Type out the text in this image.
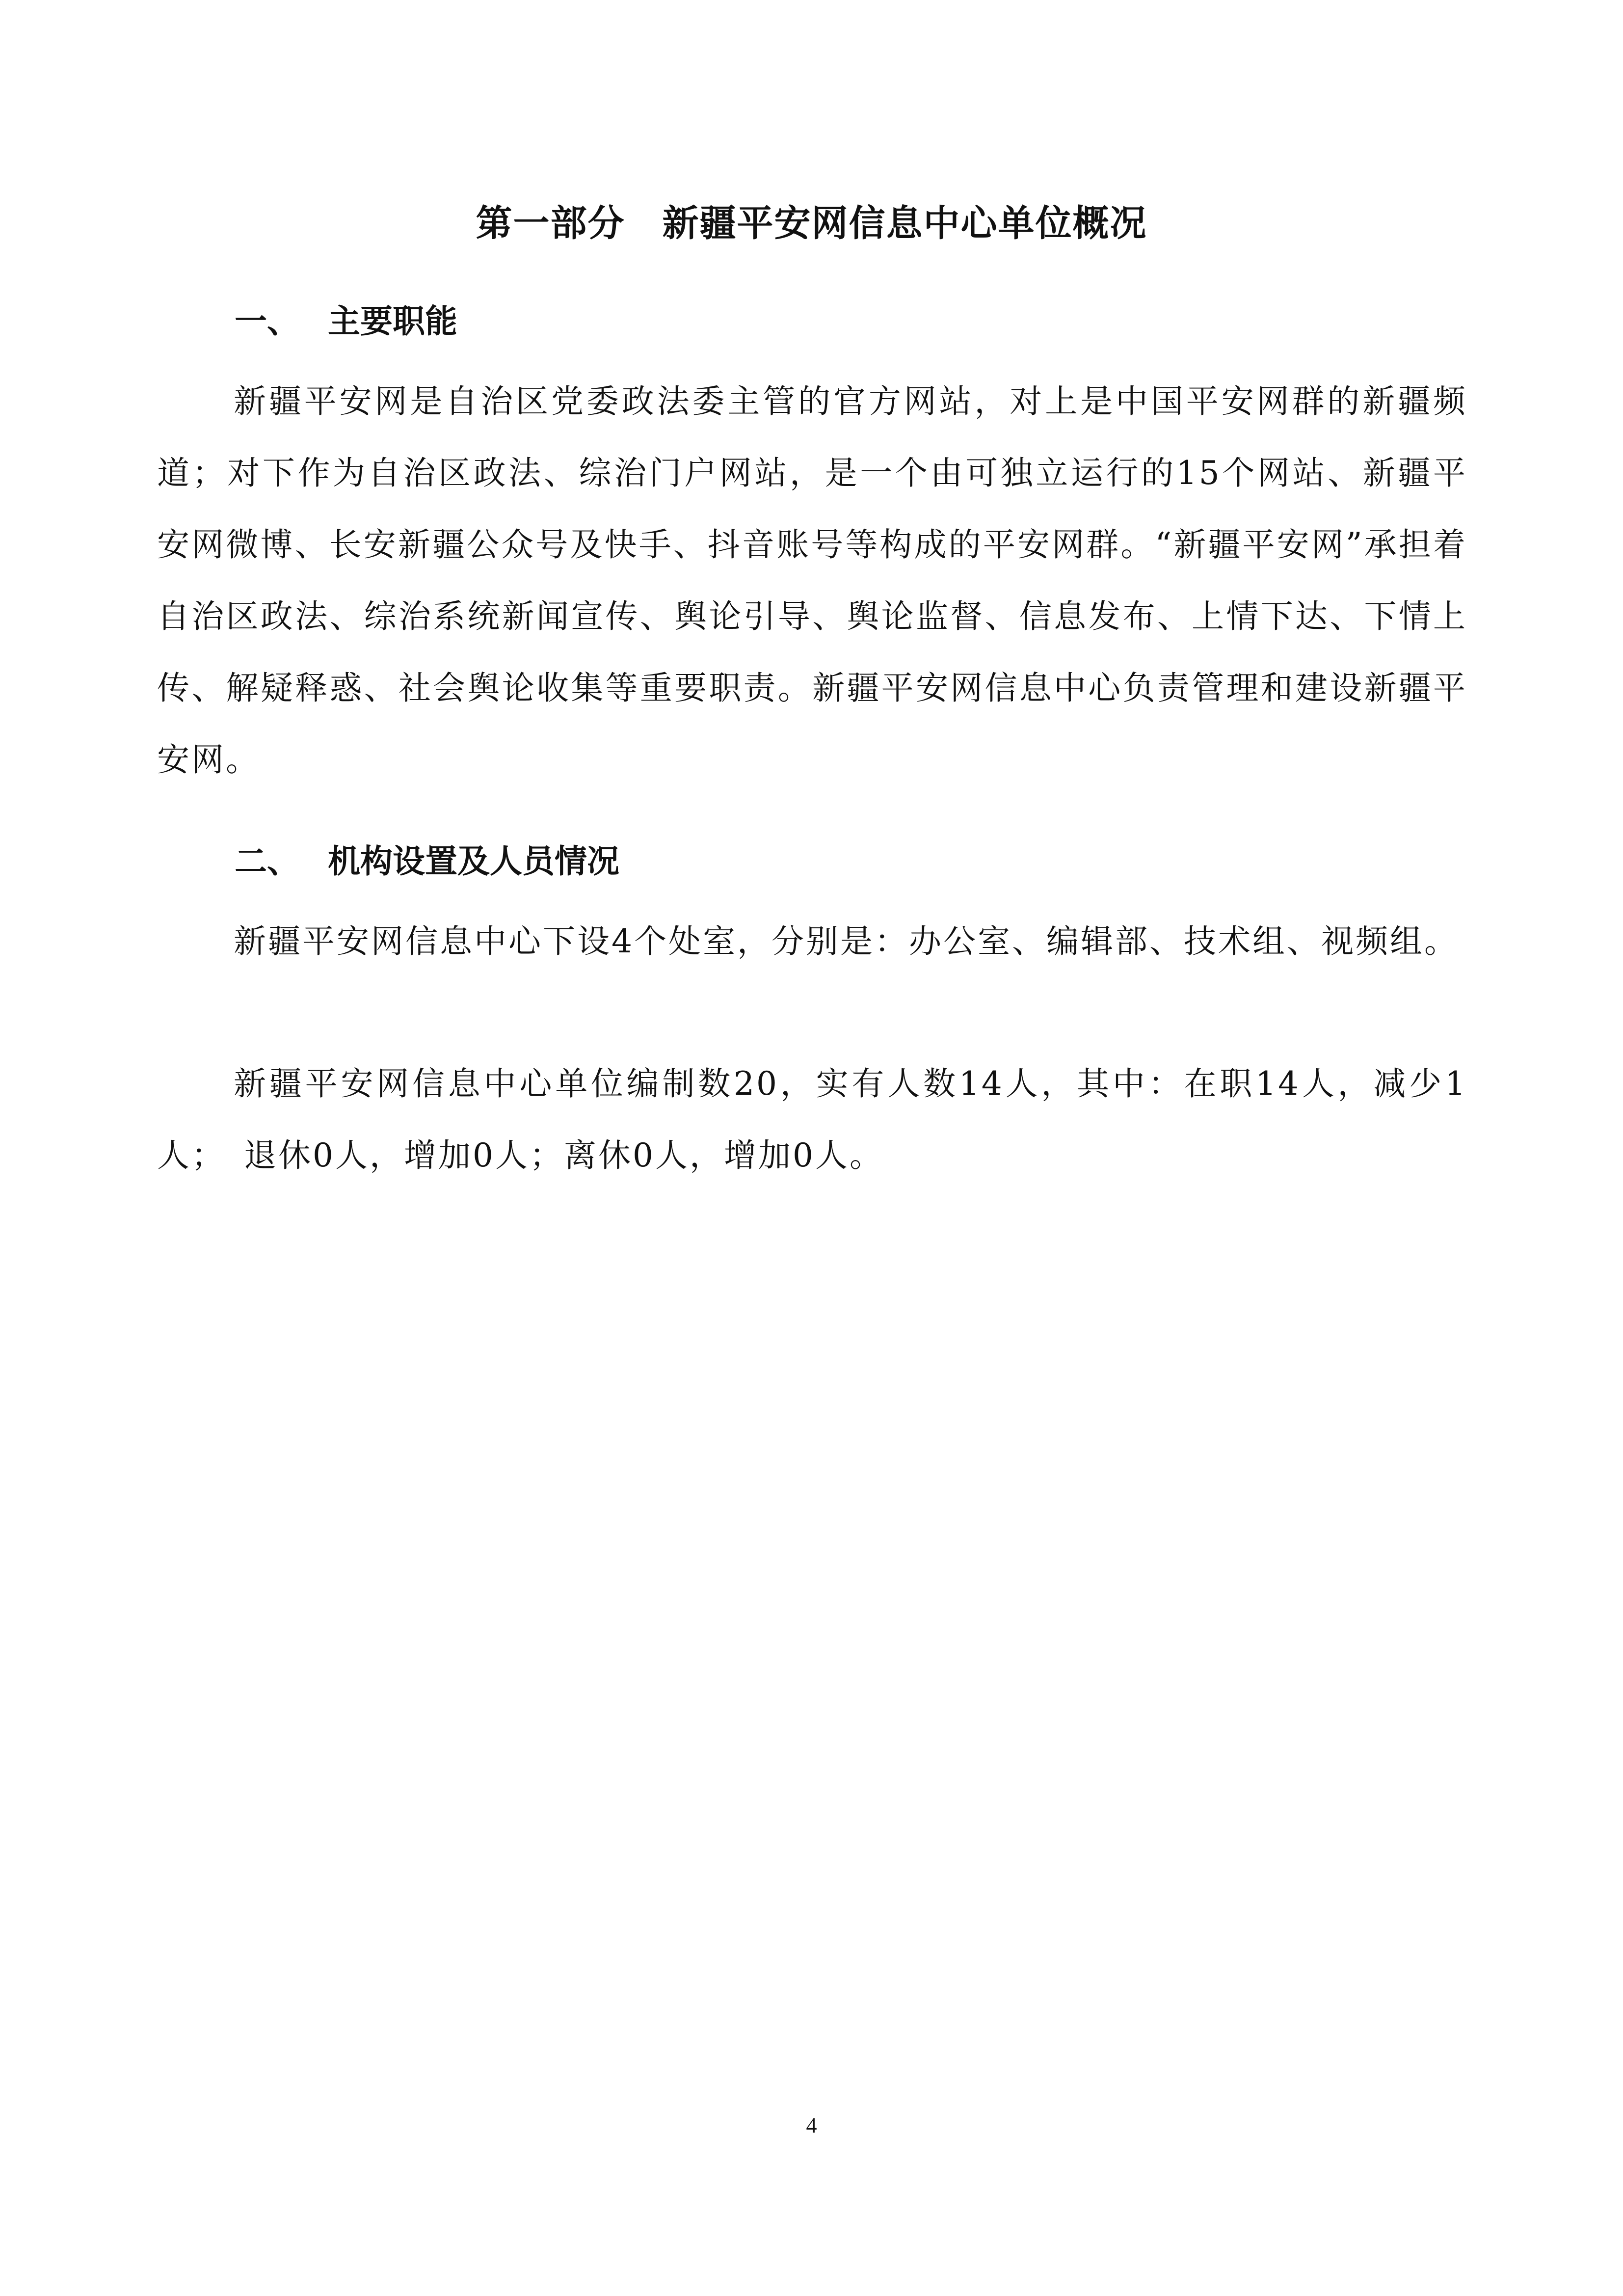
第一部分　新疆平安网信息中心单位概况
一、 主要职能
新疆平安网是自治区党委政法委主管的官方网站，对上是中国平安网群的新疆频道；对下作为自治区政法、综治门户网站，是一个由可独立运行的15个网站、新疆平安网微博、长安新疆公众号及快手、抖音账号等构成的平安网群。“新疆平安网”承担着自治区政法、综治系统新闻宣传、舆论引导、舆论监督、信息发布、上情下达、下情上传、解疑释惑、社会舆论收集等重要职责。新疆平安网信息中心负责管理和建设新疆平安网。
二、 机构设置及人员情况
新疆平安网信息中心下设4个处室，分别是：办公室、编辑部、技术组、视频组。
新疆平安网信息中心单位编制数20，实有人数14人，其中：在职14人，减少1人；　退休0人，增加0人；离休0人，增加0人。
4
